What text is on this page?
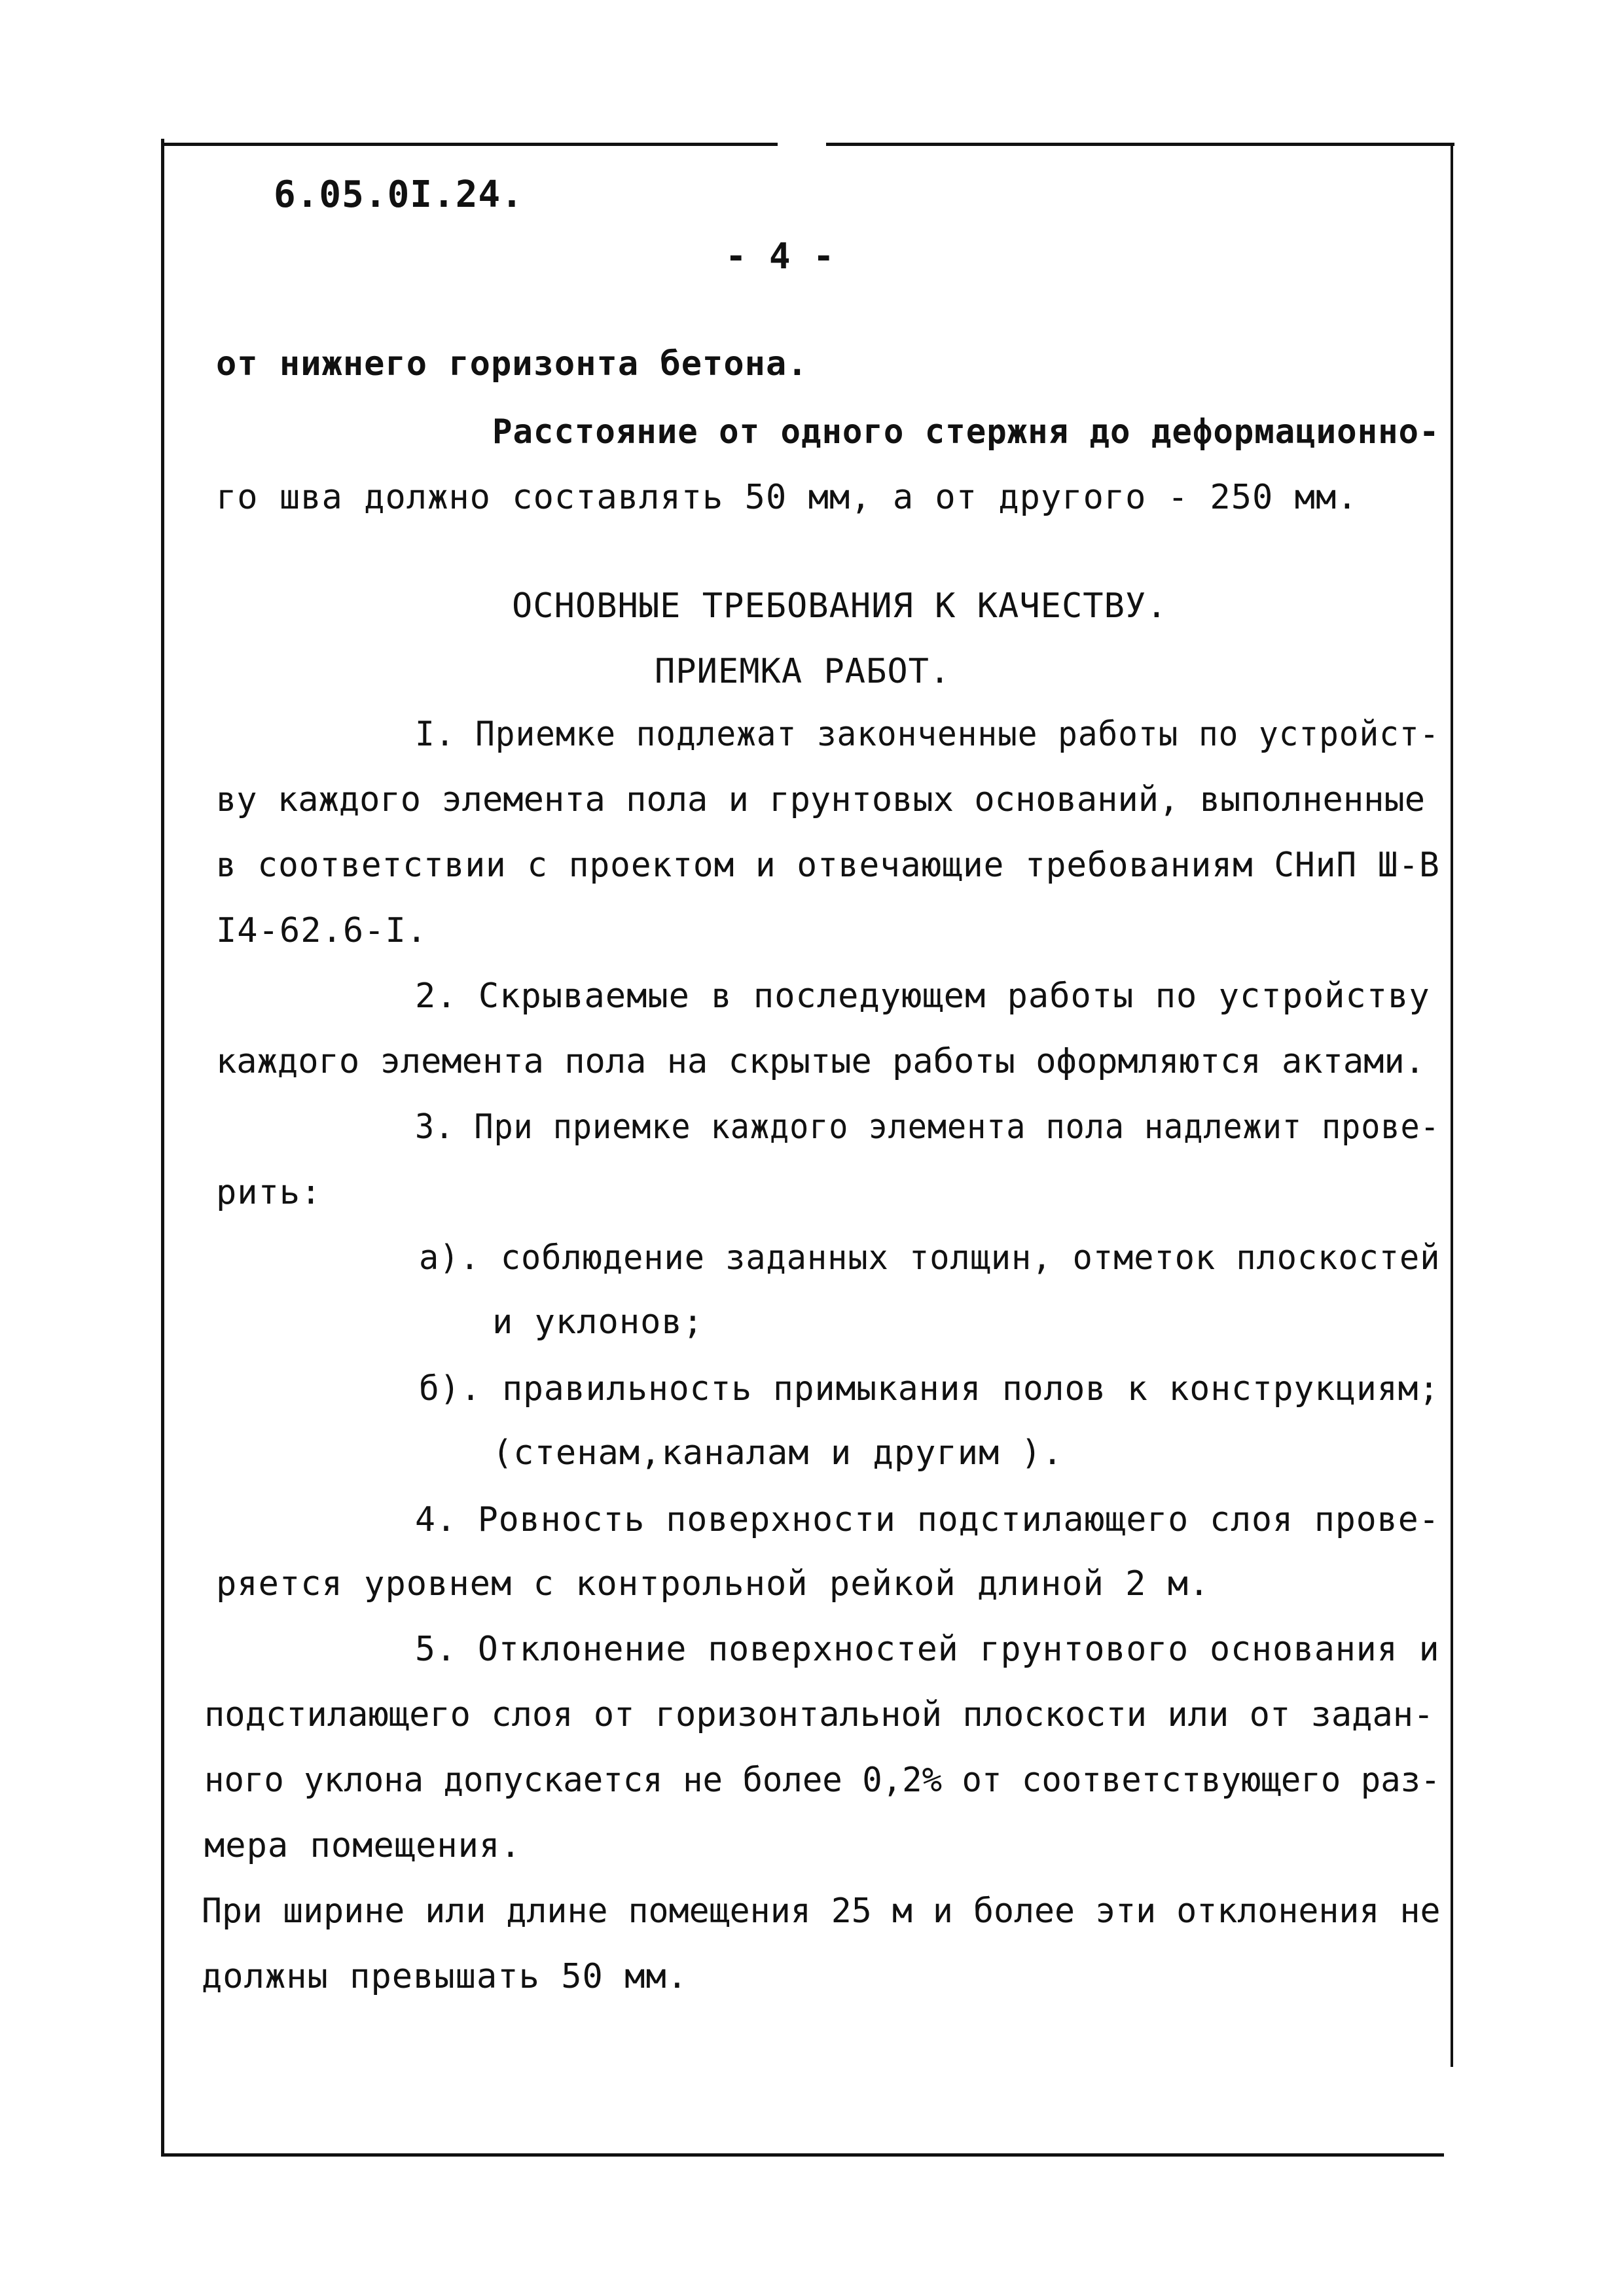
6.05.0I.24.
- 4 -
от нижнего горизонта бетона.
Расстояние от одного стержня до деформационно-
го шва должно составлять 50 мм, а от другого - 250 мм.
ОСНОВНЫЕ ТРЕБОВАНИЯ К КАЧЕСТВУ.
ПРИЕМКА РАБОТ.
I. Приемке подлежат законченные работы по устройст-
ву каждого элемента пола и грунтовых оснований, выполненные
в соответствии с проектом и отвечающие требованиям СНиП Ш-В
I4-62.6-I.
2. Скрываемые в последующем работы по устройству
каждого элемента пола на скрытые работы оформляются актами.
3. При приемке каждого элемента пола надлежит прове-
рить:
а). соблюдение заданных толщин, отметок плоскостей
и уклонов;
б). правильность примыкания полов к конструкциям;
(стенам,каналам и другим ).
4. Ровность поверхности подстилающего слоя прове-
ряется уровнем с контрольной рейкой длиной 2 м.
5. Отклонение поверхностей грунтового основания и
подстилающего слоя от горизонтальной плоскости или от задан-
ного уклона допускается не более 0,2% от соответствующего раз-
мера помещения.
При ширине или длине помещения 25 м и более эти отклонения не
должны превышать 50 мм.
